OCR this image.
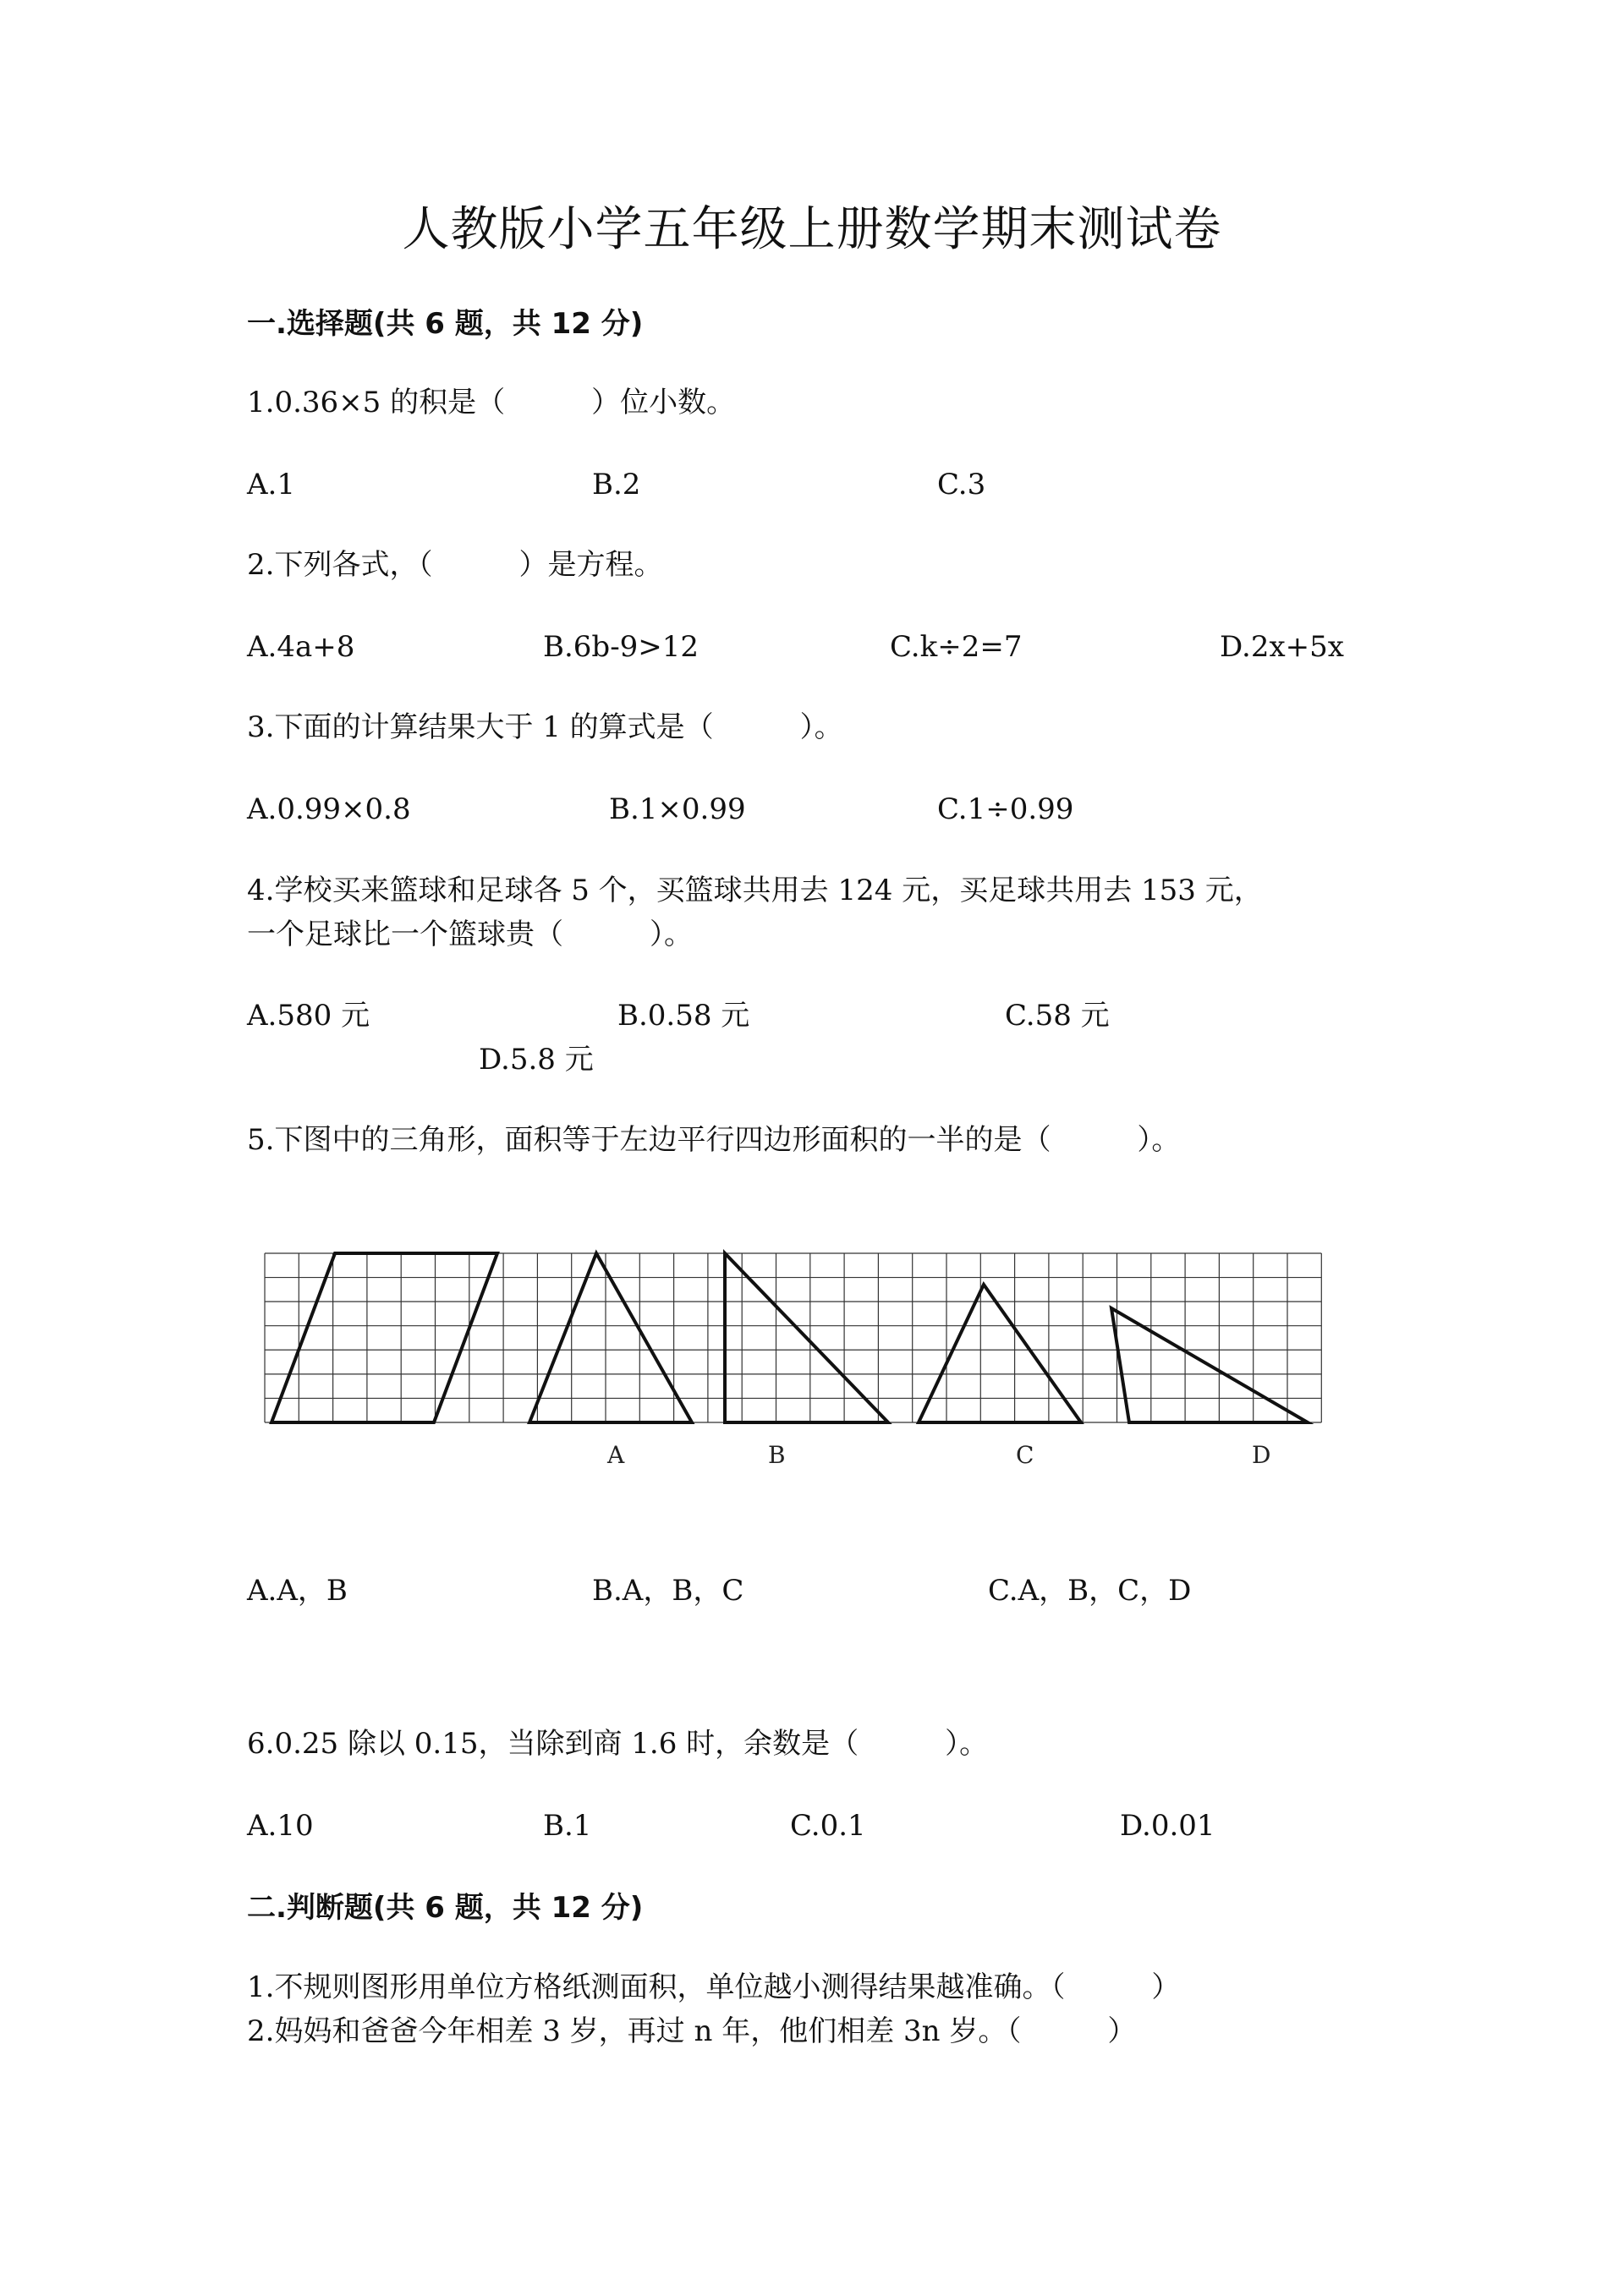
人教版小学五年级上册数学期末测试卷
一.选择题(共 6 题，共 12 分)
1.0.36×5 的积是（　　　）位小数。
A.1	B.2	C.3
2.下列各式，（　　　）是方程。
A.4a+8	B.6b-9>12	C.k÷2=7	D.2x+5x
3.下面的计算结果大于 1 的算式是（　　　）。
A.0.99×0.8	B.1×0.99	C.1÷0.99
4.学校买来篮球和足球各 5 个，买篮球共用去 124 元，买足球共用去 153 元，
一个足球比一个篮球贵（　　　）。
A.580 元	B.0.58 元	C.58 元
D.5.8 元
5.下图中的三角形，面积等于左边平行四边形面积的一半的是（　　　）。
A	B	C	D
A.A，B	B.A，B，C	C.A，B，C，D
6.0.25 除以 0.15，当除到商 1.6 时，余数是（　　　）。
A.10	B.1	C.0.1	D.0.01
二.判断题(共 6 题，共 12 分)
1.不规则图形用单位方格纸测面积，单位越小测得结果越准确。（　　　）
2.妈妈和爸爸今年相差 3 岁，再过 n 年，他们相差 3n 岁。（　　　）
